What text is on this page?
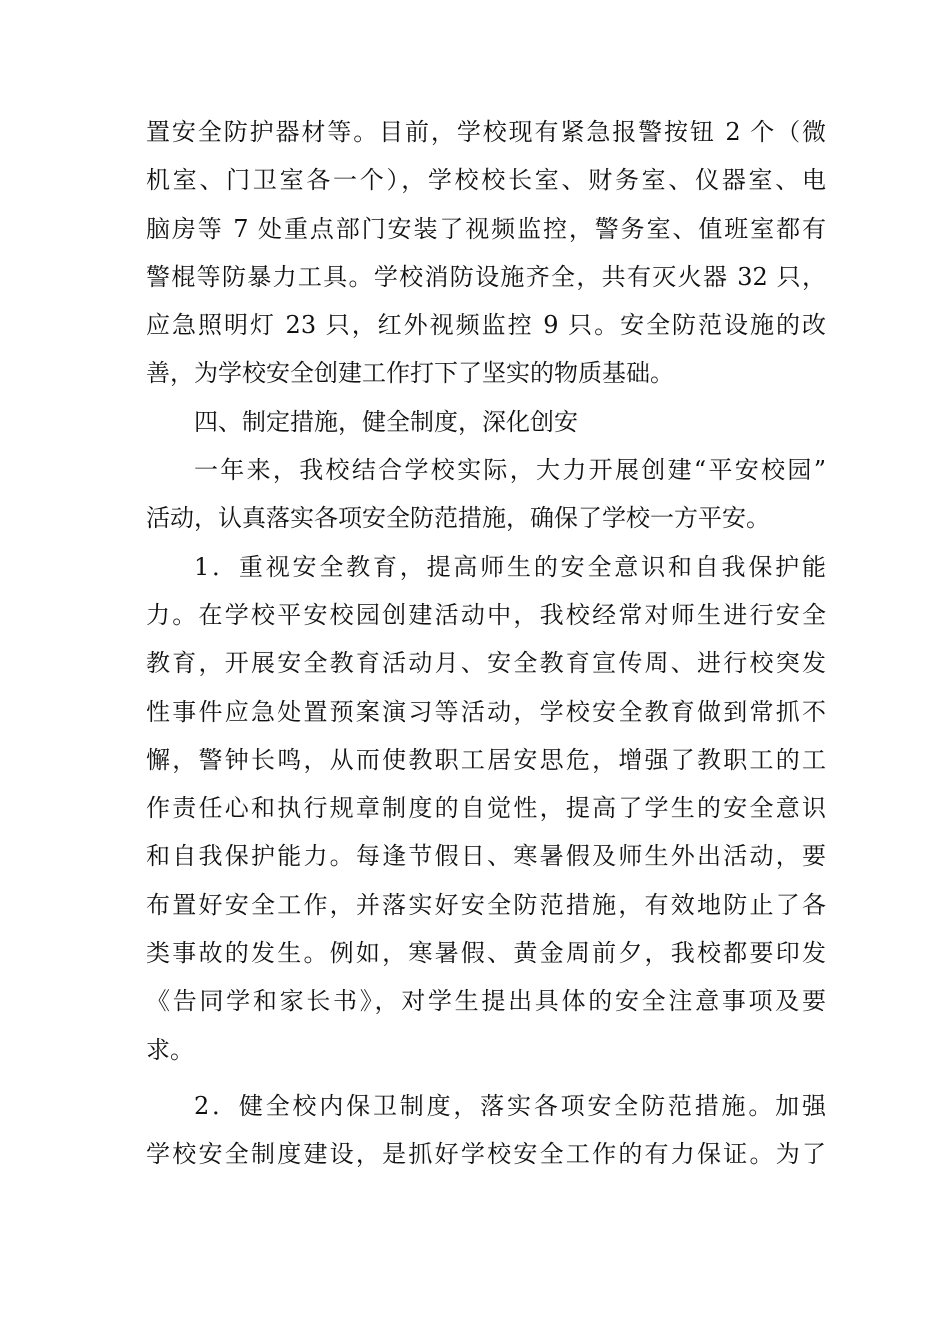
置安全防护器材等。目前，学校现有紧急报警按钮 2 个（微
机室、门卫室各一个），学校校长室、财务室、仪器室、电
脑房等 7 处重点部门安装了视频监控，警务室、值班室都有
警棍等防暴力工具。学校消防设施齐全，共有灭火器 32 只，
应急照明灯 23 只，红外视频监控 9 只。安全防范设施的改
善，为学校安全创建工作打下了坚实的物质基础。
四、制定措施，健全制度，深化创安
一年来，我校结合学校实际，大力开展创建“平安校园”
活动，认真落实各项安全防范措施，确保了学校一方平安。
1．重视安全教育，提高师生的安全意识和自我保护能
力。在学校平安校园创建活动中，我校经常对师生进行安全
教育，开展安全教育活动月、安全教育宣传周、进行校突发
性事件应急处置预案演习等活动，学校安全教育做到常抓不
懈，警钟长鸣，从而使教职工居安思危，增强了教职工的工
作责任心和执行规章制度的自觉性，提高了学生的安全意识
和自我保护能力。每逢节假日、寒暑假及师生外出活动，要
布置好安全工作，并落实好安全防范措施，有效地防止了各
类事故的发生。例如，寒暑假、黄金周前夕，我校都要印发
《告同学和家长书》，对学生提出具体的安全注意事项及要
求。
2．健全校内保卫制度，落实各项安全防范措施。加强
学校安全制度建设，是抓好学校安全工作的有力保证。为了
